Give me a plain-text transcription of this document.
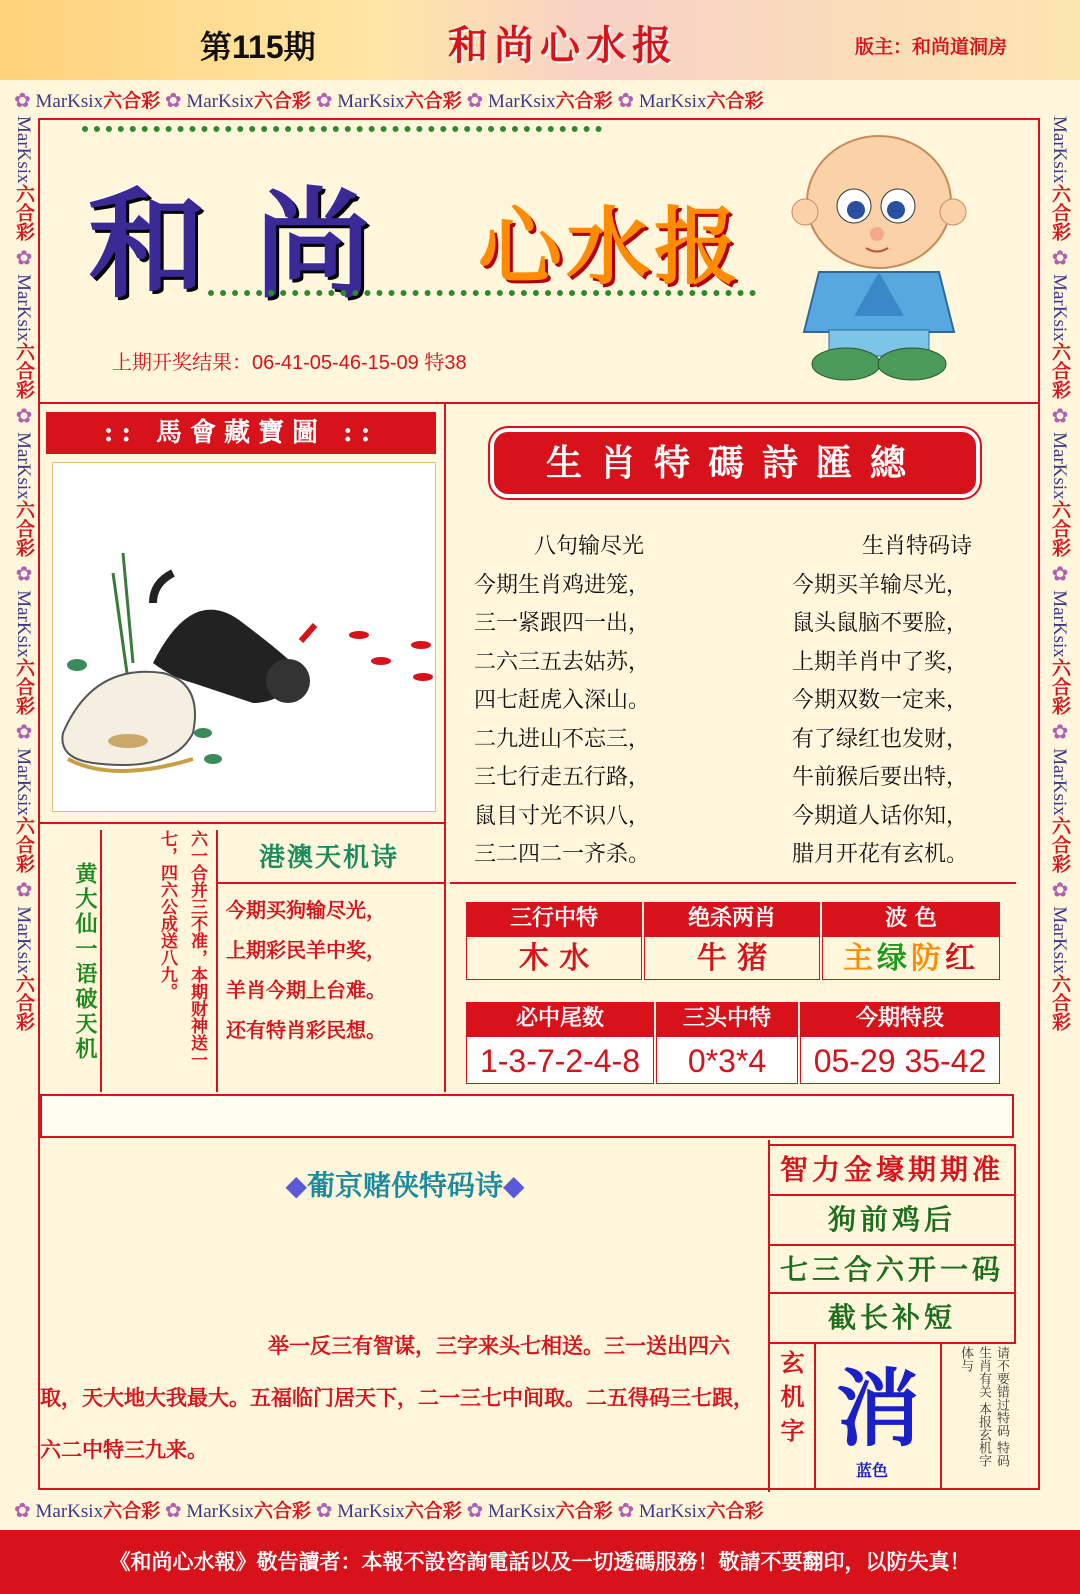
第115期	和尚心水报	版主：和尚道洞房
✿ MarKsix六合彩 ✿ MarKsix六合彩 ✿ MarKsix六合彩 ✿ MarKsix六合彩 ✿ MarKsix六合彩
✿ MarKsix六合彩 ✿ MarKsix六合彩 ✿ MarKsix六合彩 ✿ MarKsix六合彩 ✿ MarKsix六合彩
MarKsix六合彩 ✿ MarKsix六合彩 ✿ MarKsix六合彩 ✿ MarKsix六合彩 ✿ MarKsix六合彩 ✿ MarKsix六合彩
MarKsix六合彩 ✿ MarKsix六合彩 ✿ MarKsix六合彩 ✿ MarKsix六合彩 ✿ MarKsix六合彩 ✿ MarKsix六合彩
和尚 心水报
上期开奖结果：06-41-05-46-15-09 特38
:: 馬會藏寶圖 ::
黄大仙一语破天机	六一合并三不准，本期财神送一七，四六公成送八九。	港澳天机诗
今期买狗输尽光，
上期彩民羊中奖，
羊肖今期上台难。
还有特肖彩民想。
生肖特碼詩匯總
八句输尽光
今期生肖鸡进笼，
三一紧跟四一出，
二六三五去姑苏，
四七赶虎入深山。
二九进山不忘三，
三七行走五行路，
鼠目寸光不识八，
三二四二一齐杀。
生肖特码诗
今期买羊输尽光，
鼠头鼠脑不要脸，
上期羊肖中了奖，
今期双数一定来，
有了绿红也发财，
牛前猴后要出特，
今期道人话你知，
腊月开花有玄机。
三行中特	绝杀两肖	波 色
木 水	牛 猪	主绿防红
必中尾数	三头中特	今期特段
1-3-7-2-4-8	0*3*4	05-29 35-42
◆葡京赌侠特码诗◆
举一反三有智谋，三字来头七相送。三一送出四六取，天大地大我最大。五福临门居天下，二一三七中间取。二五得码三七跟，六二中特三九来。
智力金壕期期准
狗前鸡后
七三合六开一码
截长补短
玄机字 消
蓝色
请不要错过特码 特码生肖有关 本报玄机字体与
《和尚心水報》敬告讀者：本報不設咨詢電話以及一切透碼服務！敬請不要翻印，以防失真！
